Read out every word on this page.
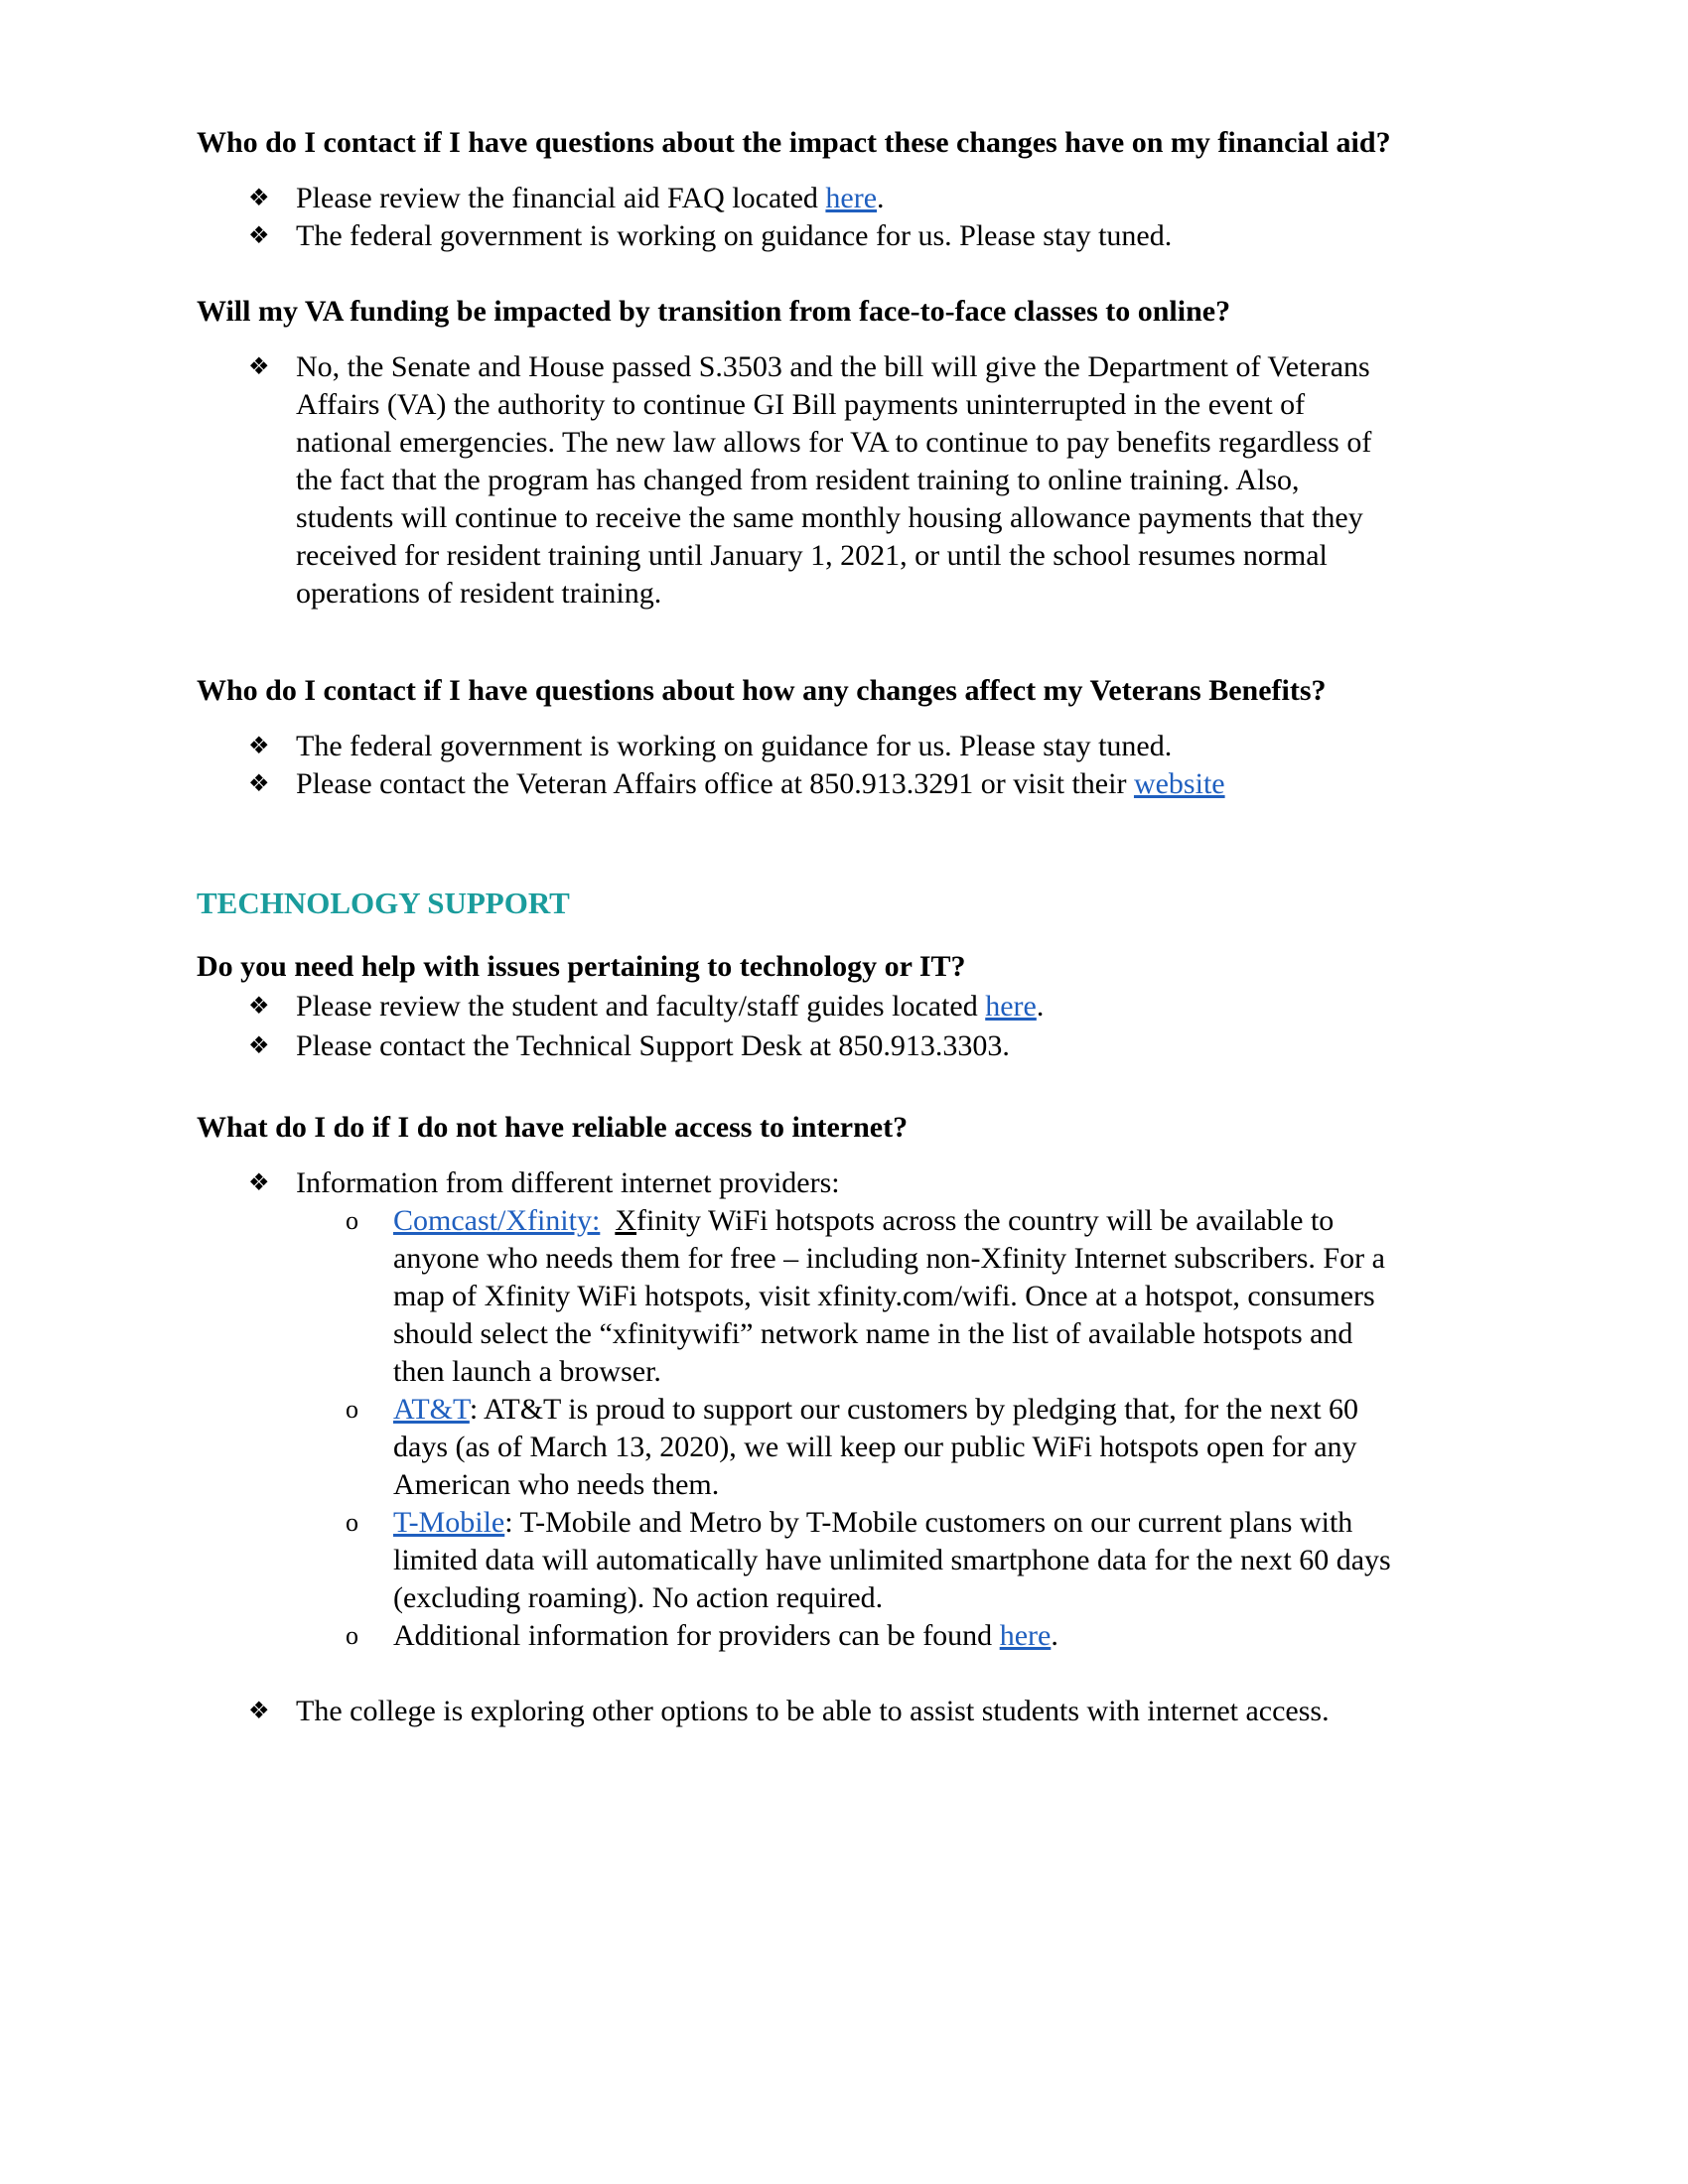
Who do I contact if I have questions about the impact these changes have on my financial aid?
❖ Please review the financial aid FAQ located here.
❖ The federal government is working on guidance for us. Please stay tuned.
Will my VA funding be impacted by transition from face-to-face classes to online?
❖ No, the Senate and House passed S.3503 and the bill will give the Department of Veterans
Affairs (VA) the authority to continue GI Bill payments uninterrupted in the event of
national emergencies. The new law allows for VA to continue to pay benefits regardless of
the fact that the program has changed from resident training to online training. Also,
students will continue to receive the same monthly housing allowance payments that they
received for resident training until January 1, 2021, or until the school resumes normal
operations of resident training.
Who do I contact if I have questions about how any changes affect my Veterans Benefits?
❖ The federal government is working on guidance for us. Please stay tuned.
❖ Please contact the Veteran Affairs office at 850.913.3291 or visit their website
TECHNOLOGY SUPPORT
Do you need help with issues pertaining to technology or IT?
❖ Please review the student and faculty/staff guides located here.
❖ Please contact the Technical Support Desk at 850.913.3303.
What do I do if I do not have reliable access to internet?
❖ Information from different internet providers:
o Comcast/Xfinity: Xfinity WiFi hotspots across the country will be available to
anyone who needs them for free – including non-Xfinity Internet subscribers. For a
map of Xfinity WiFi hotspots, visit xfinity.com/wifi. Once at a hotspot, consumers
should select the “xfinitywifi” network name in the list of available hotspots and
then launch a browser.
o AT&T: AT&T is proud to support our customers by pledging that, for the next 60
days (as of March 13, 2020), we will keep our public WiFi hotspots open for any
American who needs them.
o T-Mobile: T-Mobile and Metro by T-Mobile customers on our current plans with
limited data will automatically have unlimited smartphone data for the next 60 days
(excluding roaming). No action required.
o Additional information for providers can be found here.
❖ The college is exploring other options to be able to assist students with internet access.
